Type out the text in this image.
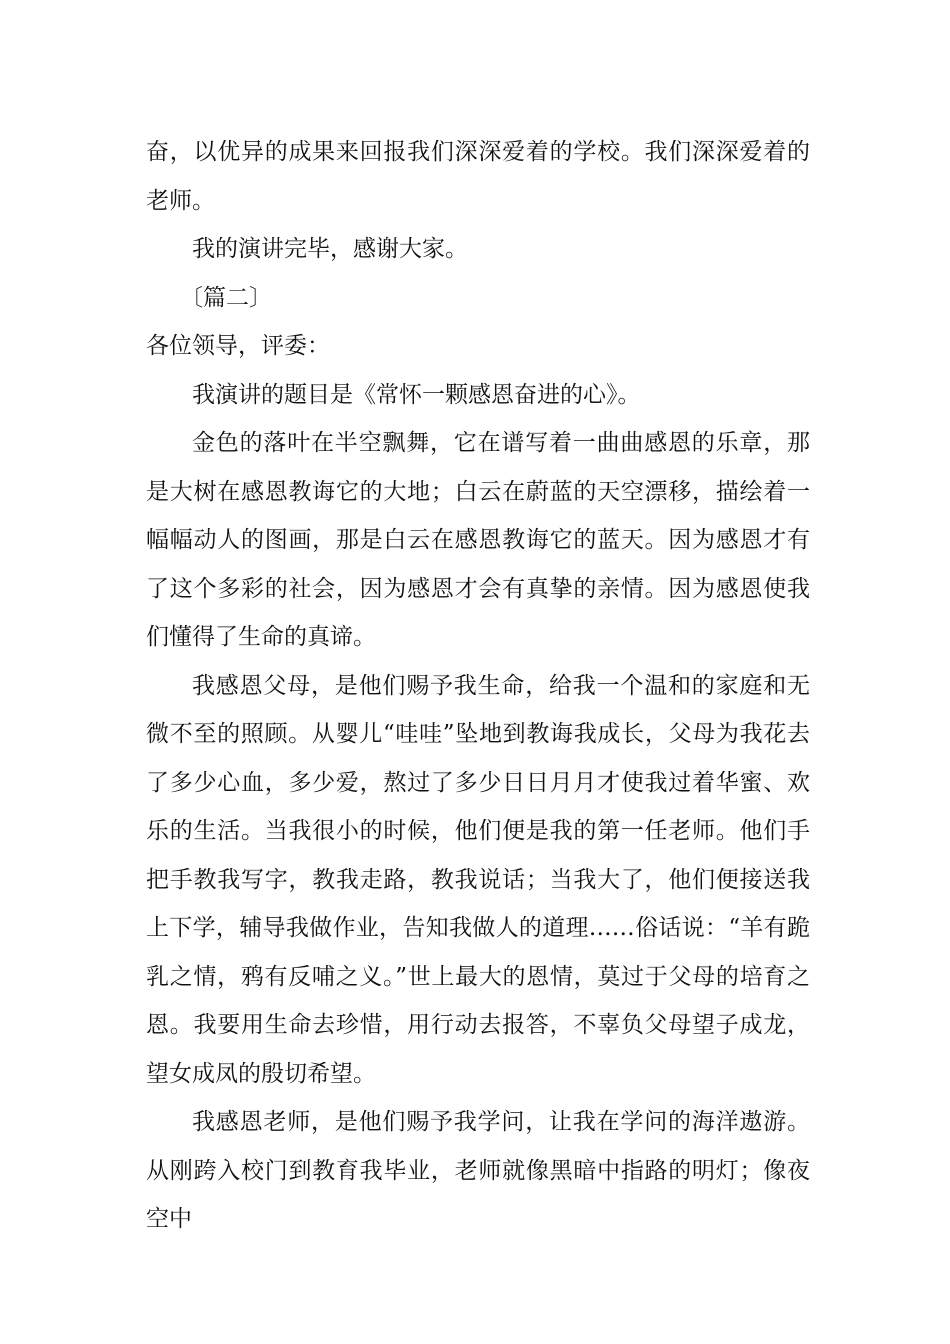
奋，以优异的成果来回报我们深深爱着的学校。我们深深爱着的老师。

我的演讲完毕，感谢大家。

〔篇二〕

各位领导，评委：

我演讲的题目是《常怀一颗感恩奋进的心》。

金色的落叶在半空飘舞，它在谱写着一曲曲感恩的乐章，那是大树在感恩教诲它的大地；白云在蔚蓝的天空漂移，描绘着一幅幅动人的图画，那是白云在感恩教诲它的蓝天。因为感恩才有了这个多彩的社会，因为感恩才会有真挚的亲情。因为感恩使我们懂得了生命的真谛。

我感恩父母，是他们赐予我生命，给我一个温和的家庭和无微不至的照顾。从婴儿“哇哇”坠地到教诲我成长，父母为我花去了多少心血，多少爱，熬过了多少日日月月才使我过着华蜜、欢乐的生活。当我很小的时候，他们便是我的第一任老师。他们手把手教我写字，教我走路，教我说话；当我大了，他们便接送我上下学，辅导我做作业，告知我做人的道理……俗话说：“羊有跪乳之情，鸦有反哺之义。”世上最大的恩情，莫过于父母的培育之恩。我要用生命去珍惜，用行动去报答，不辜负父母望子成龙，望女成凤的殷切希望。

我感恩老师，是他们赐予我学问，让我在学问的海洋遨游。从刚跨入校门到教育我毕业，老师就像黑暗中指路的明灯；像夜空中
